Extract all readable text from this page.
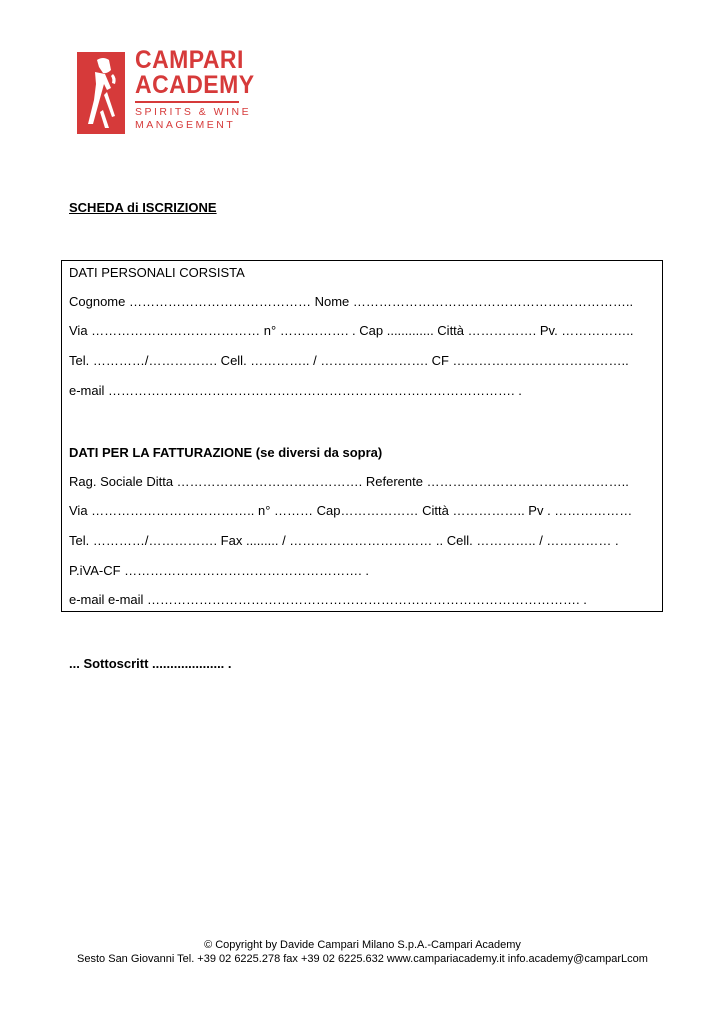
CAMPARI
ACADEMY
SPIRITS & WINE
MANAGEMENT
SCHEDA di ISCRIZIONE
DATI PERSONALI CORSISTA
Cognome …………………………………… Nome ………………………………………………………..
Via ………………………………… n° ……………. . Cap ............. Città ……………. Pv. ……………..
Tel. …………/……………. Cell. ………….. / ……………………. CF …………………………………..
e-mail …………………………………………………………………………………. .
DATI PER LA FATTURAZIONE (se diversi da sopra)
Rag. Sociale Ditta ……………………………………. Referente ………………………………………..
Via ……………………………….. n° ……… Cap……………… Città …………….. Pv . ………………
Tel. …………/……………. Fax ......... / …………………………… .. Cell. ………….. / …………… .
P.iVA-CF ………………………………………………. .
e-mail e-mail ………………………………………………………………………………………. .
... Sottoscritt .................... .
© Copyright by Davide Campari Milano S.p.A.-Campari Academy
Sesto San Giovanni Tel. +39 02 6225.278 fax +39 02 6225.632 www.campariacademy.it info.academy@camparLcom
